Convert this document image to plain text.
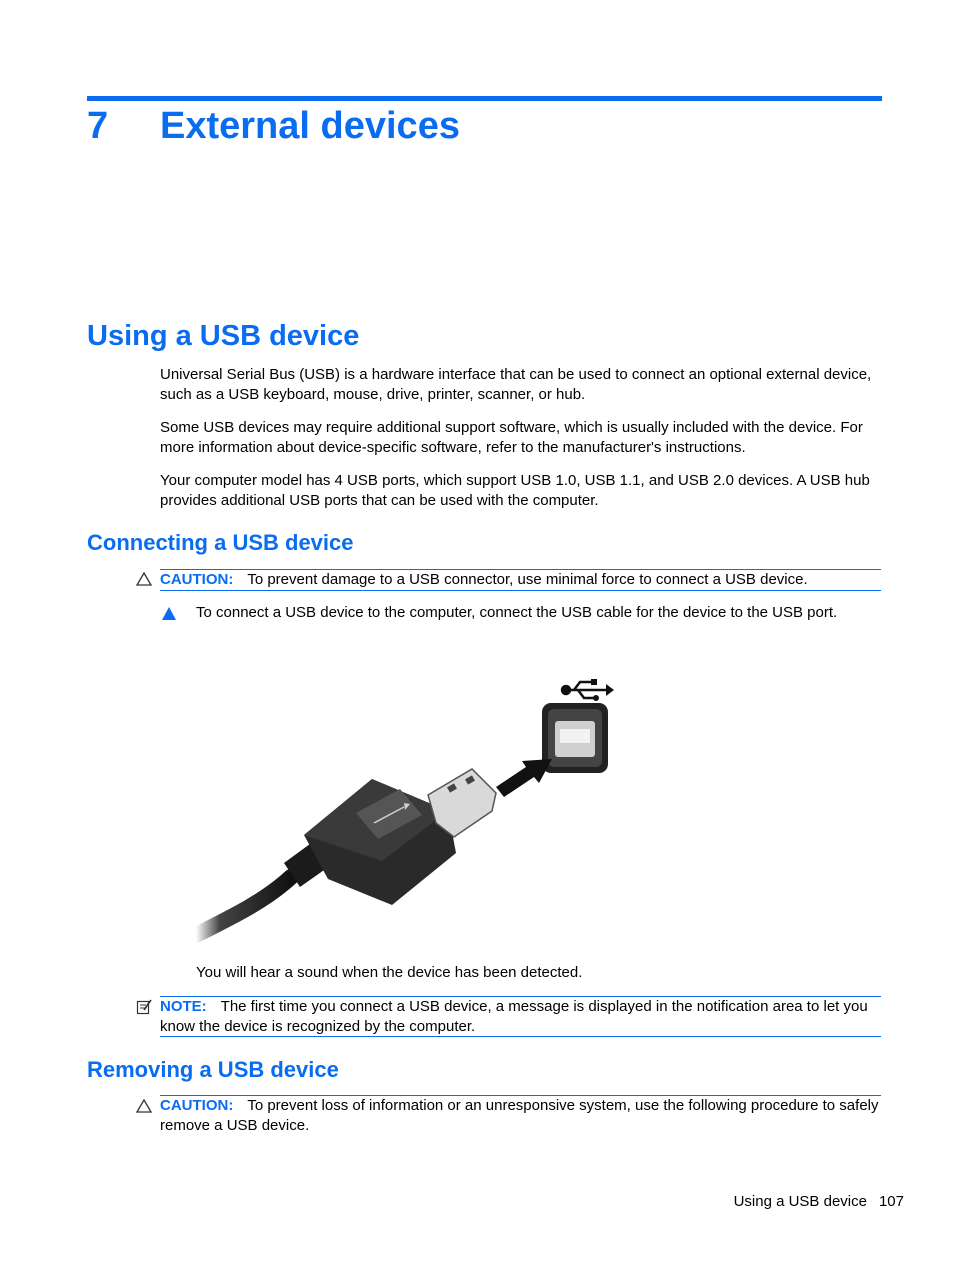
7 External devices
Using a USB device
Universal Serial Bus (USB) is a hardware interface that can be used to connect an optional external device, such as a USB keyboard, mouse, drive, printer, scanner, or hub.
Some USB devices may require additional support software, which is usually included with the device. For more information about device-specific software, refer to the manufacturer's instructions.
Your computer model has 4 USB ports, which support USB 1.0, USB 1.1, and USB 2.0 devices. A USB hub provides additional USB ports that can be used with the computer.
Connecting a USB device
CAUTION: To prevent damage to a USB connector, use minimal force to connect a USB device.
To connect a USB device to the computer, connect the USB cable for the device to the USB port.
You will hear a sound when the device has been detected.
NOTE: The first time you connect a USB device, a message is displayed in the notification area to let you know the device is recognized by the computer.
Removing a USB device
CAUTION: To prevent loss of information or an unresponsive system, use the following procedure to safely remove a USB device.
Using a USB device 107
